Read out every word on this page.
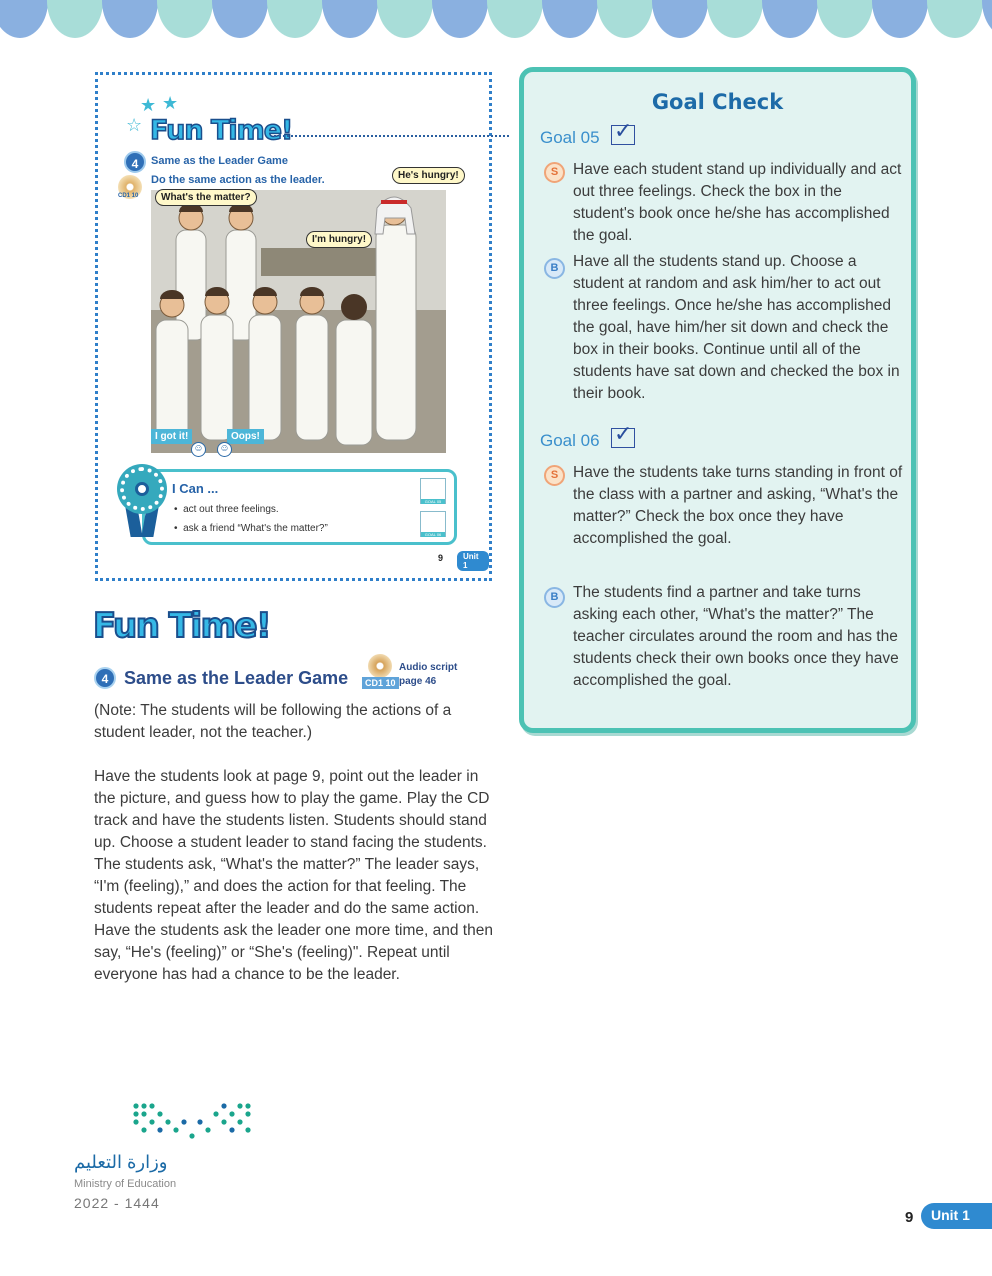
★ ★
☆ Fun Time!
4	Same as the Leader Game
Do the same action as the leader.
CD1 10	What's the matter?
He's hungry!
I'm hungry!
I got it!	Oops!
☺ ☺
I Can ...
•  act out three feelings.
•  ask a friend “What's the matter?”
GOAL 05
GOAL 06
9	Unit 1
Fun Time!
4 Same as the Leader Game	CD1 10
Audio script
page 46
(Note: The students will be following the actions of a student leader, not the teacher.)
Have the students look at page 9, point out the leader in the picture, and guess how to play the game. Play the CD track and have the students listen. Students should stand up. Choose a student leader to stand facing the students. The students ask, “What's the matter?” The leader says, “I'm (feeling),” and does the action for that feeling. The students repeat after the leader and do the same action. Have the students ask the leader one more time, and then say, “He's (feeling)” or “She's (feeling)". Repeat until everyone has had a chance to be the leader.
Goal Check
Goal 05
✓
S Have each student stand up individually and act out three feelings. Check the box in the student's book once he/she has accomplished the goal.
B Have all the students stand up. Choose a student at random and ask him/her to act out three feelings. Once he/she has accomplished the goal, have him/her sit down and check the box in their books. Continue until all of the students have sat down and checked the box in their book.
Goal 06
✓
S Have the students take turns standing in front of the class with a partner and asking, “What's the matter?” Check the box once they have accomplished the goal.
B The students find a partner and take turns asking each other, “What's the matter?” The teacher circulates around the room and has the students check their own books once they have accomplished the goal.
وزارة التعليم
Ministry of Education
2022 - 1444
9	Unit 1
